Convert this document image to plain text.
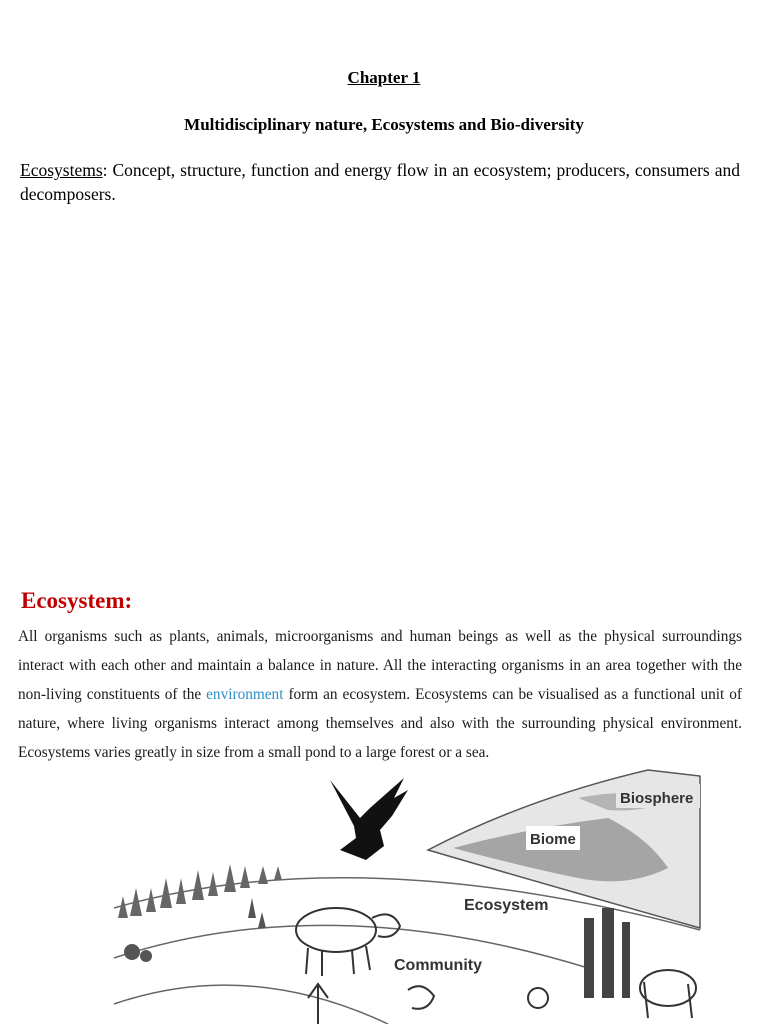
Chapter 1
Multidisciplinary nature, Ecosystems and Bio-diversity
Ecosystems: Concept, structure, function and energy flow in an ecosystem; producers, consumers and decomposers.
Ecosystem:
All organisms such as plants, animals, microorganisms and human beings as well as the physical surroundings interact with each other and maintain a balance in nature. All the interacting organisms in an area together with the non-living constituents of the environment form an ecosystem. Ecosystems can be visualised as a functional unit of nature, where living organisms interact among themselves and also with the surrounding physical environment. Ecosystems varies greatly in size from a small pond to a large forest or a sea.
Biosphere
Biome
Ecosystem
Community
